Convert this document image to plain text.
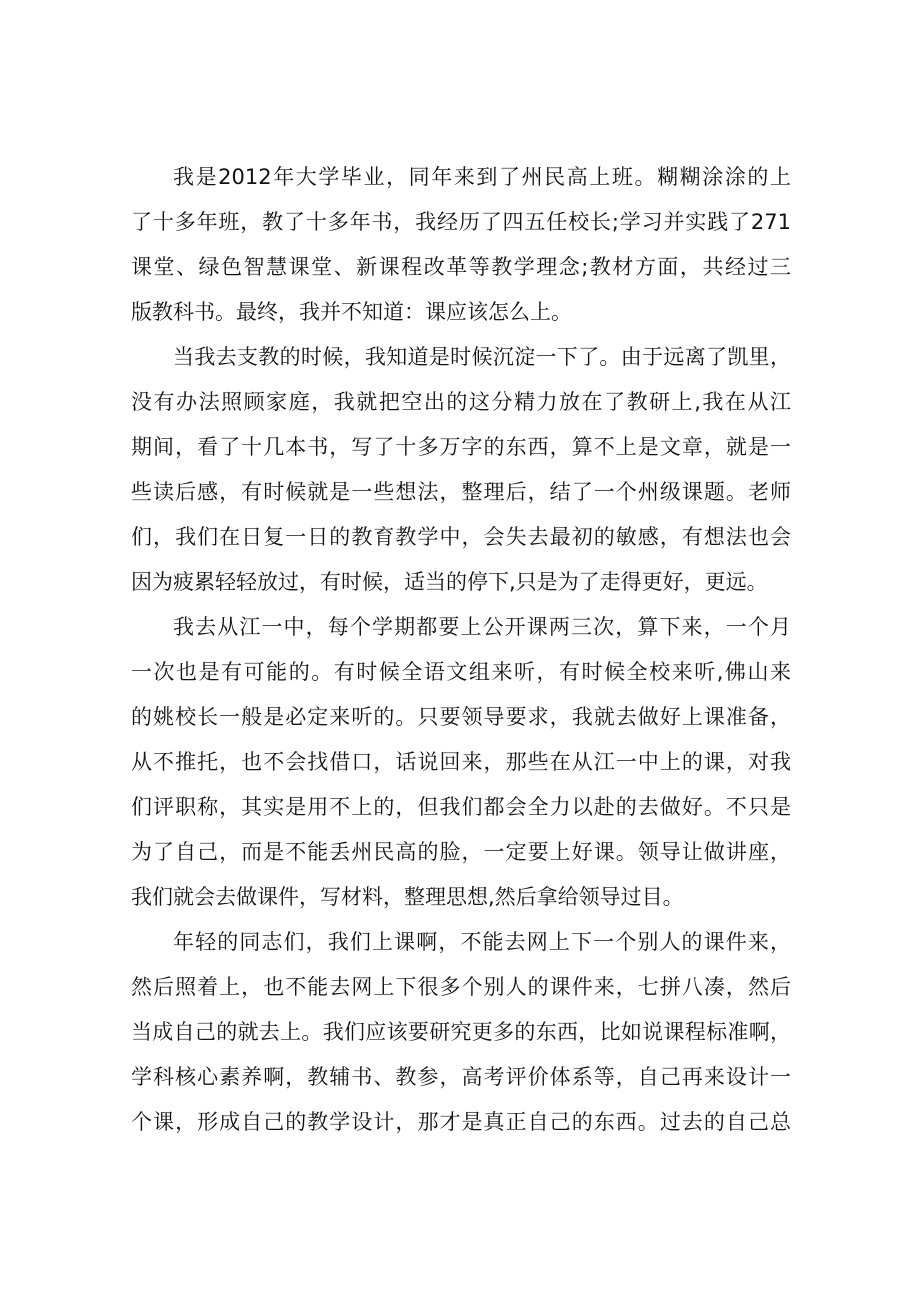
我是2012年大学毕业，同年来到了州民高上班。糊糊涂涂的上
了十多年班，教了十多年书，我经历了四五任校长;学习并实践了271
课堂、绿色智慧课堂、新课程改革等教学理念;教材方面，共经过三
版教科书。最终，我并不知道：课应该怎么上。
当我去支教的时候，我知道是时候沉淀一下了。由于远离了凯里，
没有办法照顾家庭，我就把空出的这分精力放在了教研上,我在从江
期间，看了十几本书，写了十多万字的东西，算不上是文章，就是一
些读后感，有时候就是一些想法，整理后，结了一个州级课题。老师
们，我们在日复一日的教育教学中，会失去最初的敏感，有想法也会
因为疲累轻轻放过，有时候，适当的停下,只是为了走得更好，更远。
我去从江一中，每个学期都要上公开课两三次，算下来，一个月
一次也是有可能的。有时候全语文组来听，有时候全校来听,佛山来
的姚校长一般是必定来听的。只要领导要求，我就去做好上课准备，
从不推托，也不会找借口，话说回来，那些在从江一中上的课，对我
们评职称，其实是用不上的，但我们都会全力以赴的去做好。不只是
为了自己，而是不能丢州民高的脸，一定要上好课。领导让做讲座，
我们就会去做课件，写材料，整理思想,然后拿给领导过目。
年轻的同志们，我们上课啊，不能去网上下一个别人的课件来，
然后照着上，也不能去网上下很多个别人的课件来，七拼八凑，然后
当成自己的就去上。我们应该要研究更多的东西，比如说课程标准啊，
学科核心素养啊，教辅书、教参，高考评价体系等，自己再来设计一
个课，形成自己的教学设计，那才是真正自己的东西。过去的自己总
